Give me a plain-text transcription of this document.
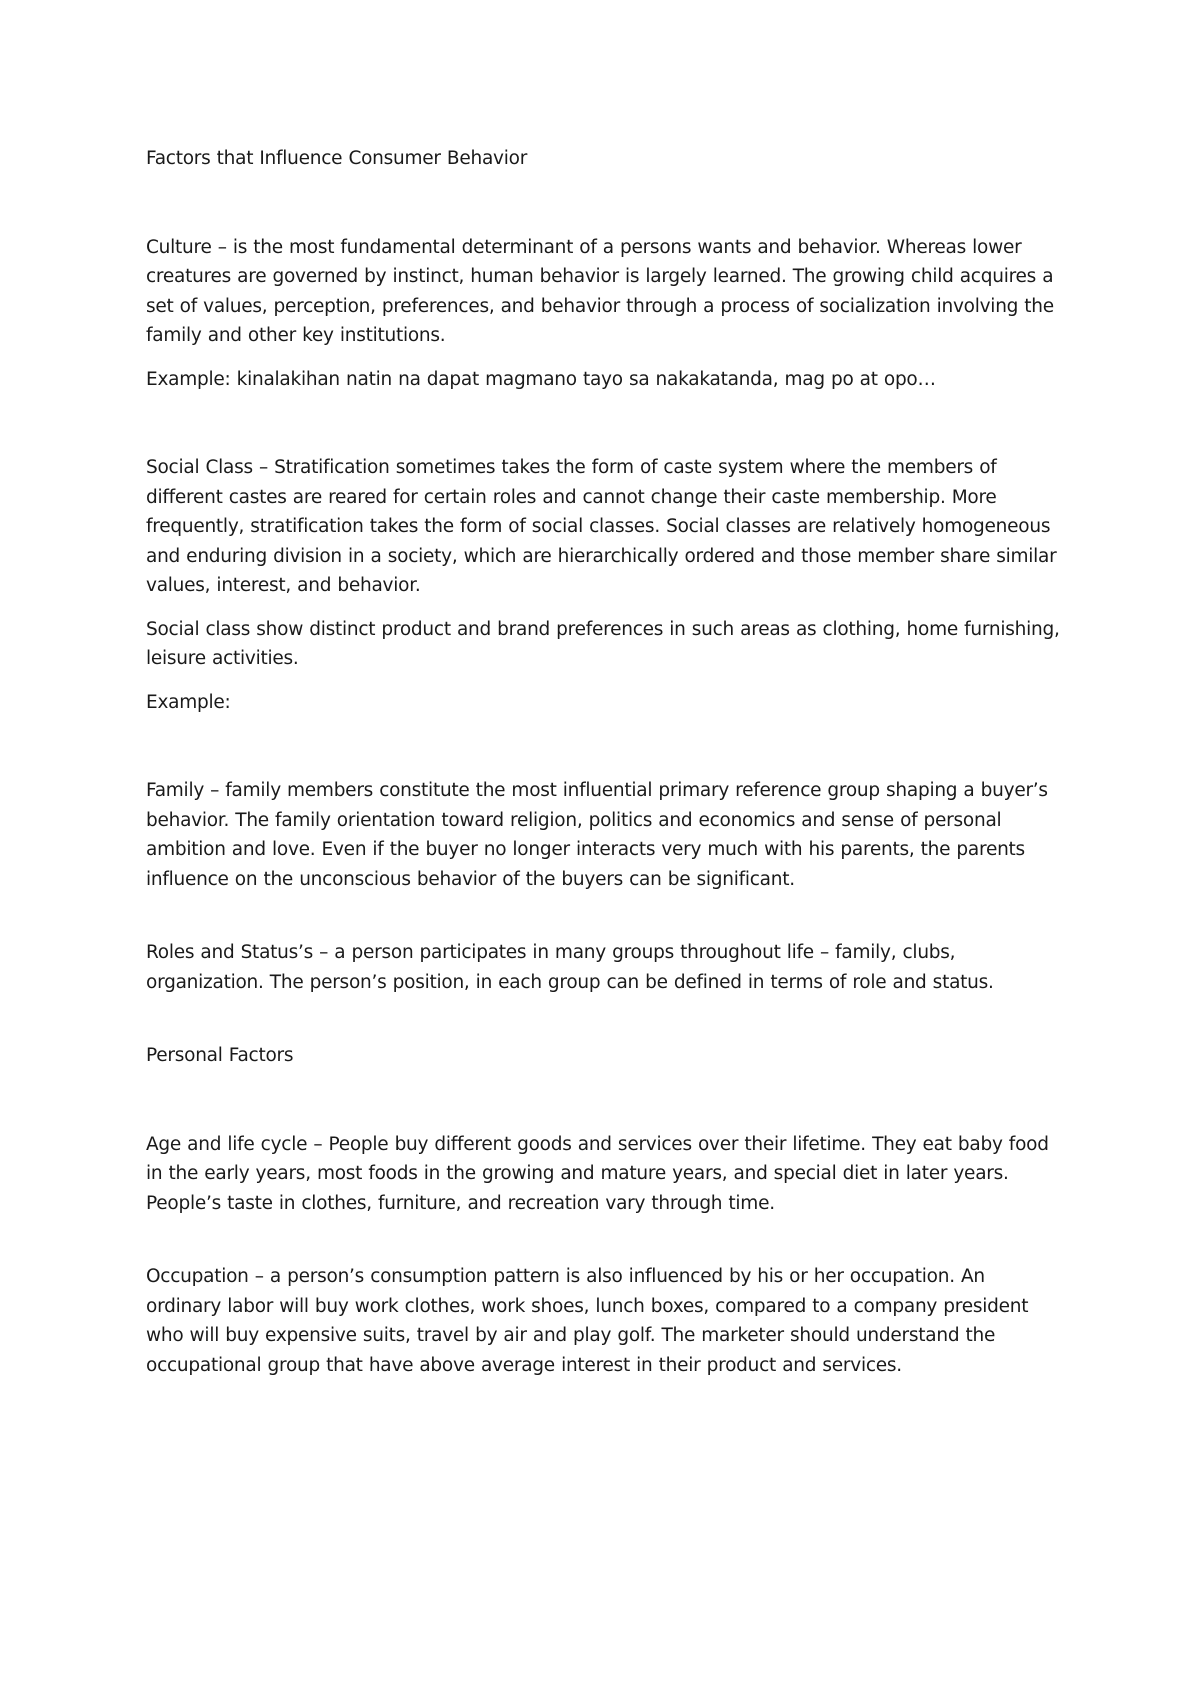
Factors that Influence Consumer Behavior

Culture – is the most fundamental determinant of a persons wants and behavior. Whereas lower creatures are governed by instinct, human behavior is largely learned. The growing child acquires a set of values, perception, preferences, and behavior through a process of socialization involving the family and other key institutions.

Example: kinalakihan natin na dapat magmano tayo sa nakakatanda, mag po at opo…

Social Class – Stratification sometimes takes the form of caste system where the members of different castes are reared for certain roles and cannot change their caste membership. More frequently, stratification takes the form of social classes. Social classes are relatively homogeneous and enduring division in a society, which are hierarchically ordered and those member share similar values, interest, and behavior.

Social class show distinct product and brand preferences in such areas as clothing, home furnishing, leisure activities.

Example:

Family – family members constitute the most influential primary reference group shaping a buyer’s behavior. The family orientation toward religion, politics and economics and sense of personal ambition and love. Even if the buyer no longer interacts very much with his parents, the parents influence on the unconscious behavior of the buyers can be significant.

Roles and Status’s – a person participates in many groups throughout life – family, clubs, organization. The person’s position, in each group can be defined in terms of role and status.

Personal Factors

Age and life cycle – People buy different goods and services over their lifetime. They eat baby food in the early years, most foods in the growing and mature years, and special diet in later years. People’s taste in clothes, furniture, and recreation vary through time.

Occupation – a person’s consumption pattern is also influenced by his or her occupation. An ordinary labor will buy work clothes, work shoes, lunch boxes, compared to a company president who will buy expensive suits, travel by air and play golf. The marketer should understand the occupational group that have above average interest in their product and services.
